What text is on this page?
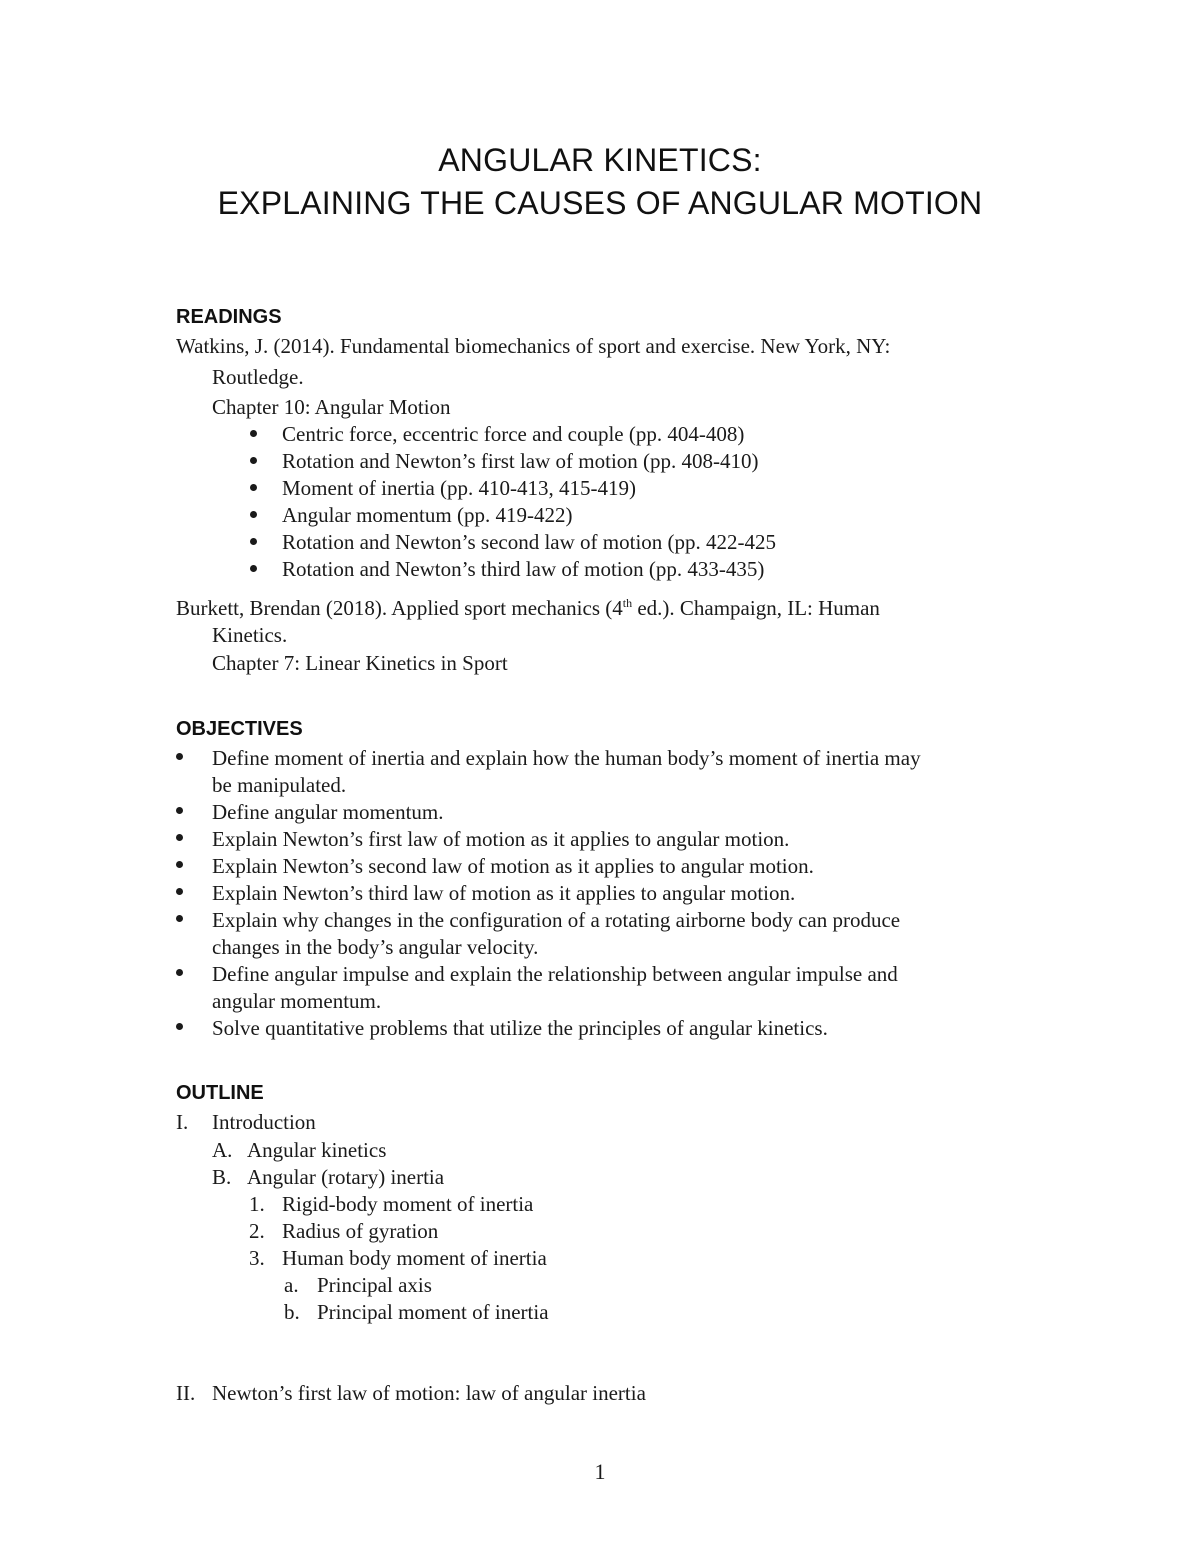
ANGULAR KINETICS:
EXPLAINING THE CAUSES OF ANGULAR MOTION
READINGS
Watkins, J. (2014). Fundamental biomechanics of sport and exercise. New York, NY:
Routledge.
Chapter 10: Angular Motion
Centric force, eccentric force and couple (pp. 404-408)
Rotation and Newton’s first law of motion (pp. 408-410)
Moment of inertia (pp. 410-413, 415-419)
Angular momentum (pp. 419-422)
Rotation and Newton’s second law of motion (pp. 422-425
Rotation and Newton’s third law of motion (pp. 433-435)
Burkett, Brendan (2018). Applied sport mechanics (4th ed.). Champaign, IL: Human
Kinetics.
Chapter 7: Linear Kinetics in Sport
OBJECTIVES
Define moment of inertia and explain how the human body’s moment of inertia may
be manipulated.
Define angular momentum.
Explain Newton’s first law of motion as it applies to angular motion.
Explain Newton’s second law of motion as it applies to angular motion.
Explain Newton’s third law of motion as it applies to angular motion.
Explain why changes in the configuration of a rotating airborne body can produce
changes in the body’s angular velocity.
Define angular impulse and explain the relationship between angular impulse and
angular momentum.
Solve quantitative problems that utilize the principles of angular kinetics.
OUTLINE
I. Introduction
A. Angular kinetics
B. Angular (rotary) inertia
1. Rigid-body moment of inertia
2. Radius of gyration
3. Human body moment of inertia
a. Principal axis
b. Principal moment of inertia
II. Newton’s first law of motion: law of angular inertia
1
